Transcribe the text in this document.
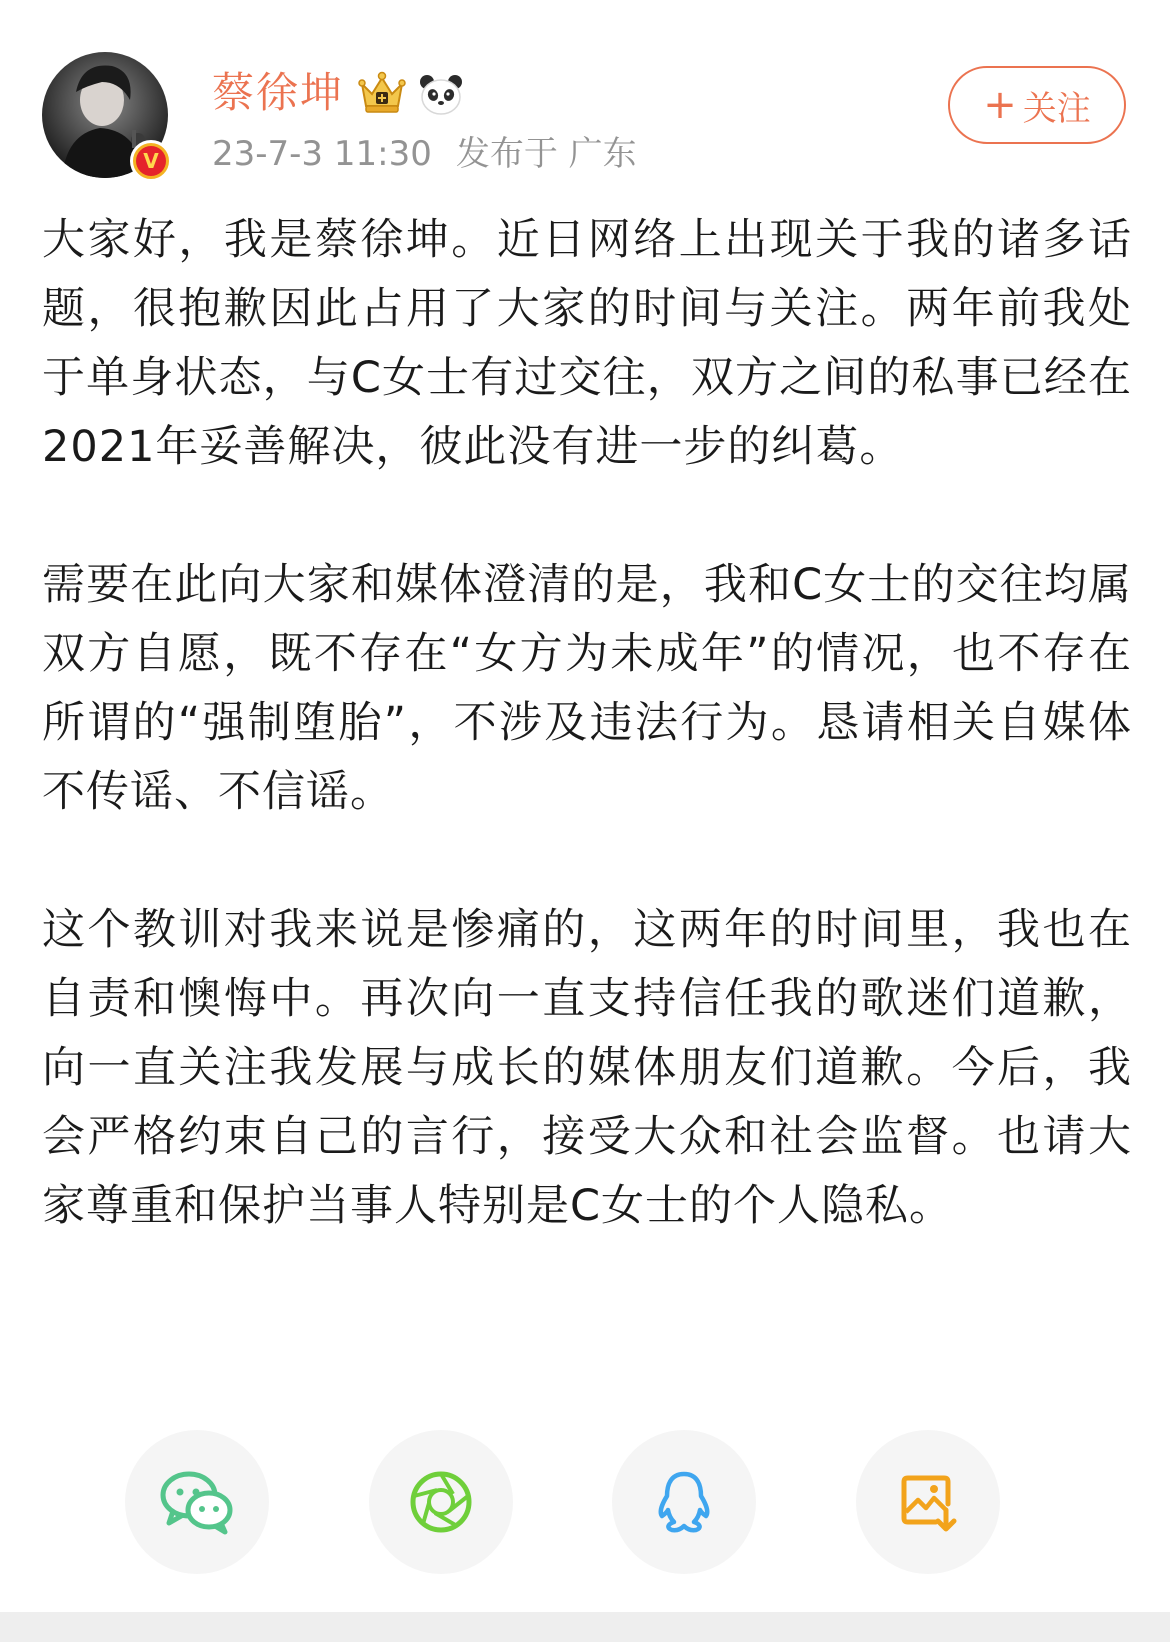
V
蔡徐坤
23-7-3 11:30 发布于 广东
+ 关注

大家好，我是蔡徐坤。近日网络上出现关于我的诸多话题，很抱歉因此占用了大家的时间与关注。两年前我处于单身状态，与C女士有过交往，双方之间的私事已经在2021年妥善解决，彼此没有进一步的纠葛。

需要在此向大家和媒体澄清的是，我和C女士的交往均属双方自愿，既不存在“女方为未成年”的情况，也不存在所谓的“强制堕胎”，不涉及违法行为。恳请相关自媒体不传谣、不信谣。

这个教训对我来说是惨痛的，这两年的时间里，我也在自责和懊悔中。再次向一直支持信任我的歌迷们道歉，向一直关注我发展与成长的媒体朋友们道歉。今后，我会严格约束自己的言行，接受大众和社会监督。也请大家尊重和保护当事人特别是C女士的个人隐私。
